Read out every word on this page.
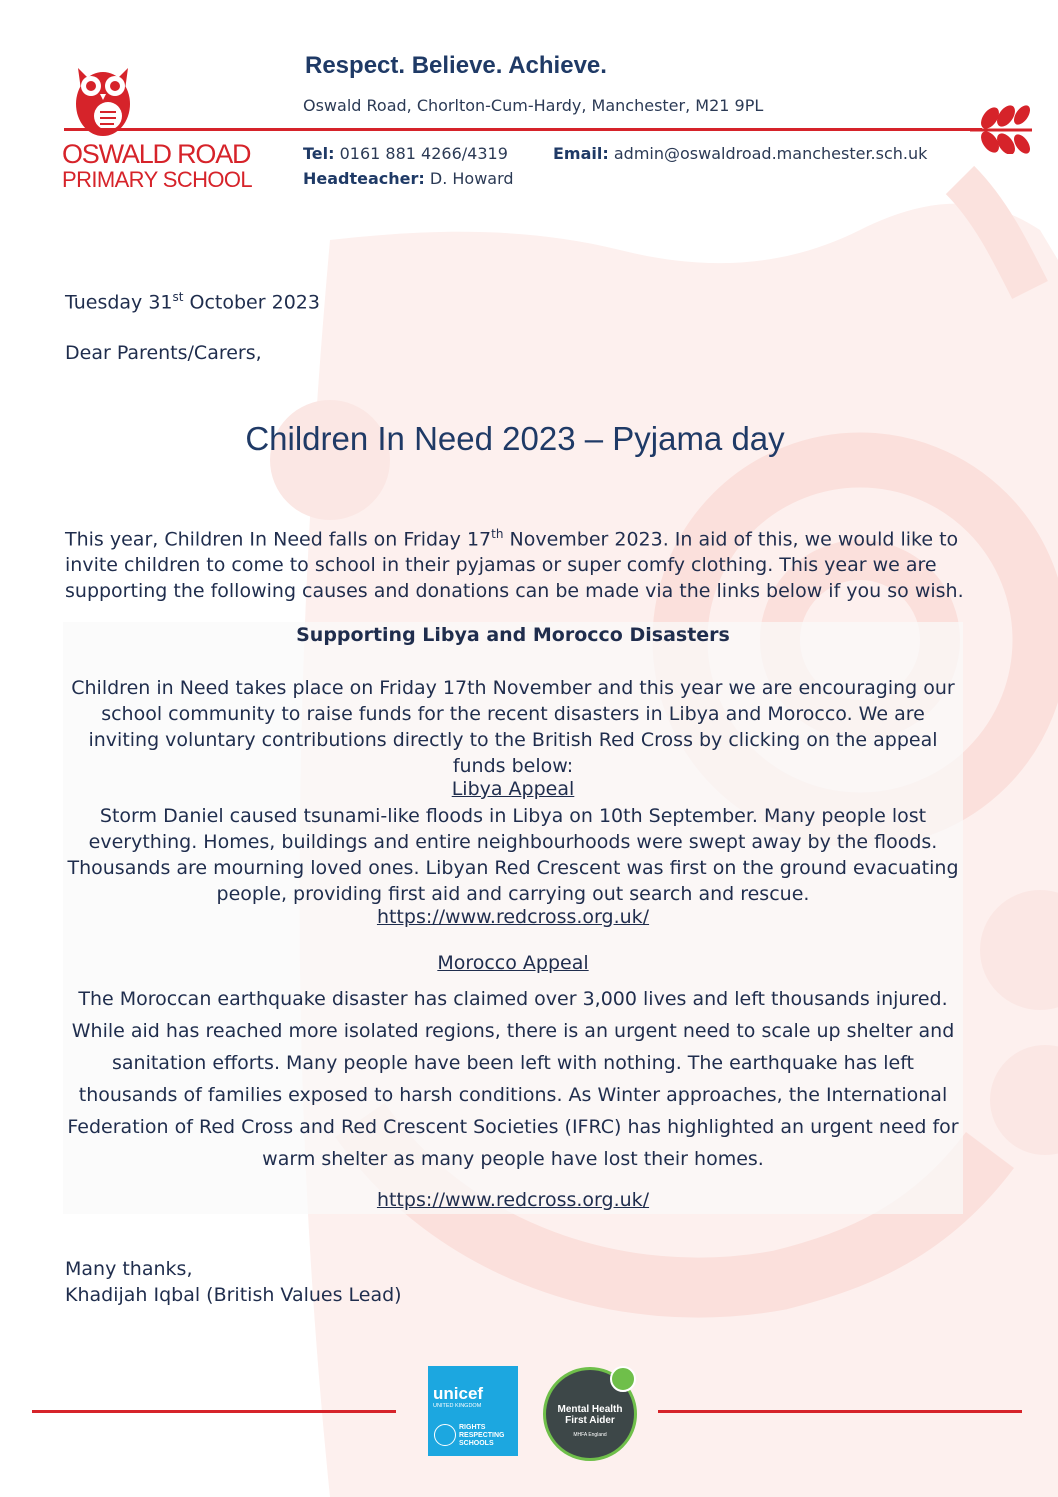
OSWALD ROAD
PRIMARY SCHOOL
Respect. Believe. Achieve.
Oswald Road, Chorlton-Cum-Hardy, Manchester, M21 9PL
Tel: 0161 881 4266/4319	Email: admin@oswaldroad.manchester.sch.uk
Headteacher: D. Howard
Tuesday 31st October 2023
Dear Parents/Carers,
Children In Need 2023 – Pyjama day
This year, Children In Need falls on Friday 17th November 2023. In aid of this, we would like to invite children to come to school in their pyjamas or super comfy clothing. This year we are supporting the following causes and donations can be made via the links below if you so wish.
Supporting Libya and Morocco Disasters
Children in Need takes place on Friday 17th November and this year we are encouraging our school community to raise funds for the recent disasters in Libya and Morocco. We are inviting voluntary contributions directly to the British Red Cross by clicking on the appeal funds below:
Libya Appeal
Storm Daniel caused tsunami-like floods in Libya on 10th September. Many people lost everything. Homes, buildings and entire neighbourhoods were swept away by the floods. Thousands are mourning loved ones. Libyan Red Crescent was first on the ground evacuating people, providing first aid and carrying out search and rescue.
https://www.redcross.org.uk/
Morocco Appeal
The Moroccan earthquake disaster has claimed over 3,000 lives and left thousands injured. While aid has reached more isolated regions, there is an urgent need to scale up shelter and sanitation efforts. Many people have been left with nothing. The earthquake has left thousands of families exposed to harsh conditions. As Winter approaches, the International Federation of Red Cross and Red Crescent Societies (IFRC) has highlighted an urgent need for warm shelter as many people have lost their homes.
https://www.redcross.org.uk/
Many thanks,
Khadijah Iqbal (British Values Lead)
unicef
UNITED KINGDOM
RIGHTS RESPECTING SCHOOLS
Mental Health
First Aider
MHFA England
